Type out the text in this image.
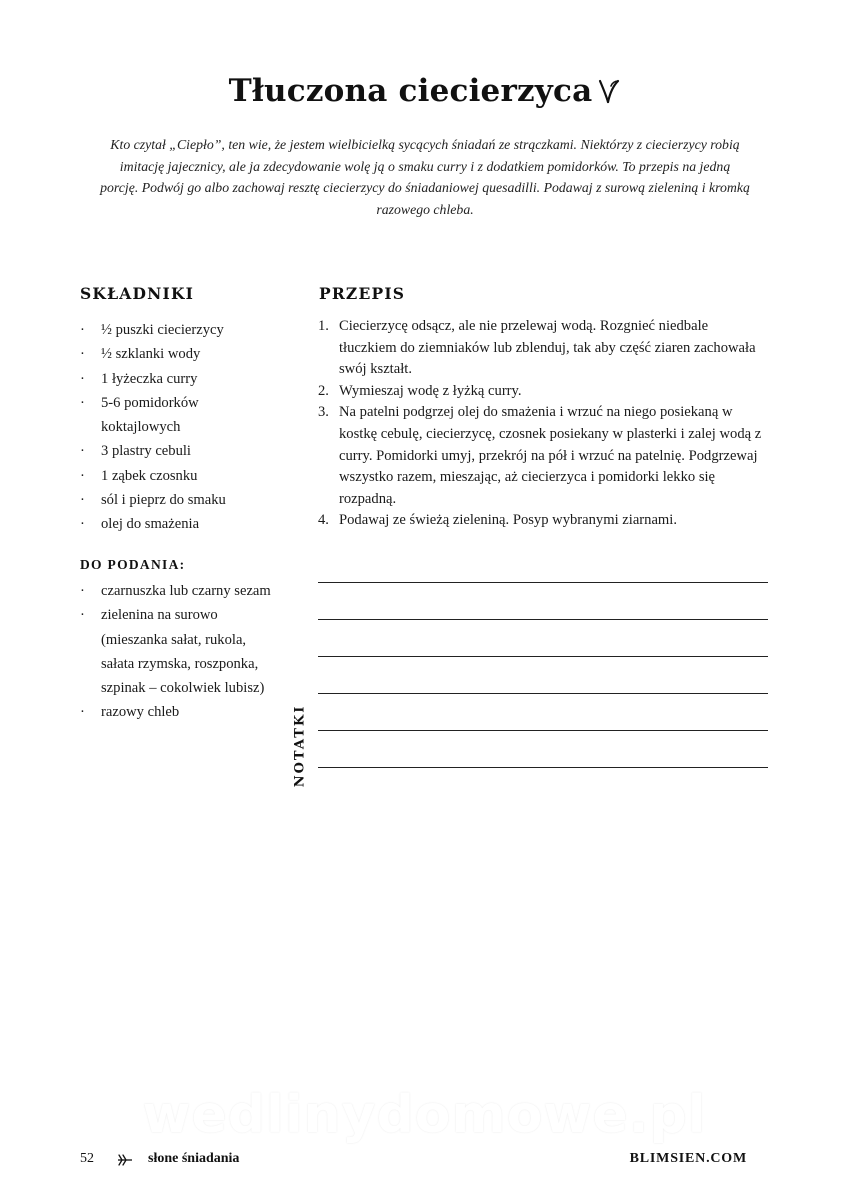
Tłuczona ciecierzyca

Kto czytał „Ciepło”, ten wie, że jestem wielbicielką sycących śniadań ze strączkami. Niektórzy z ciecierzycy robią imitację jajecznicy, ale ja zdecydowanie wolę ją o smaku curry i z dodatkiem pomidorków. To przepis na jedną porcję. Podwój go albo zachowaj resztę ciecierzycy do śniadaniowej quesadilli. Podawaj z surową zieleniną i kromką razowego chleba.

SKŁADNIKI
· ½ puszki ciecierzycy
· ½ szklanki wody
· 1 łyżeczka curry
· 5-6 pomidorków koktajlowych
· 3 plastry cebuli
· 1 ząbek czosnku
· sól i pieprz do smaku
· olej do smażenia
DO PODANIA:
· czarnuszka lub czarny sezam
· zielenina na surowo (mieszanka sałat, rukola, sałata rzymska, roszponka, szpinak – cokolwiek lubisz)
· razowy chleb
PRZEPIS
1. Ciecierzycę odsącz, ale nie przelewaj wodą. Rozgnieć niedbale tłuczkiem do ziemniaków lub zblenduj, tak aby część ziaren zachowała swój kształt.
2. Wymieszaj wodę z łyżką curry.
3. Na patelni podgrzej olej do smażenia i wrzuć na niego posiekaną w kostkę cebulę, ciecierzycę, czosnek posiekany w plasterki i zalej wodą z curry. Pomidorki umyj, przekrój na pół i wrzuć na patelnię. Podgrzewaj wszystko razem, mieszając, aż ciecierzyca i pomidorki lekko się rozpadną.
4. Podawaj ze świeżą zieleniną. Posyp wybranymi ziarnami.
NOTATKI
wedlinydomowe.pl
52	słone śniadania	BLIMSIEN.COM
